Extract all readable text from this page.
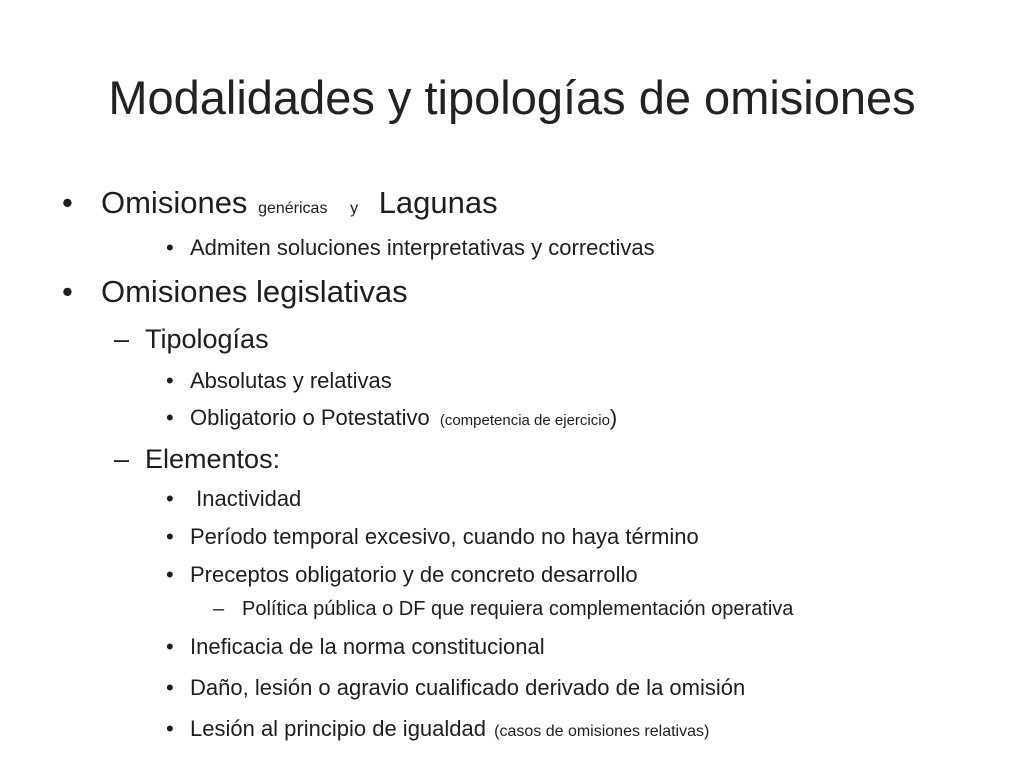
Modalidades y tipologías de omisiones
• Omisiones genéricas y Lagunas
• Admiten soluciones interpretativas y correctivas
• Omisiones legislativas
– Tipologías
• Absolutas y relativas
• Obligatorio o Potestativo (competencia de ejercicio)
– Elementos:
• Inactividad
• Período temporal excesivo, cuando no haya término
• Preceptos obligatorio y de concreto desarrollo
– Política pública o DF que requiera complementación operativa
• Ineficacia de la norma constitucional
• Daño, lesión o agravio cualificado derivado de la omisión
• Lesión al principio de igualdad (casos de omisiones relativas)
